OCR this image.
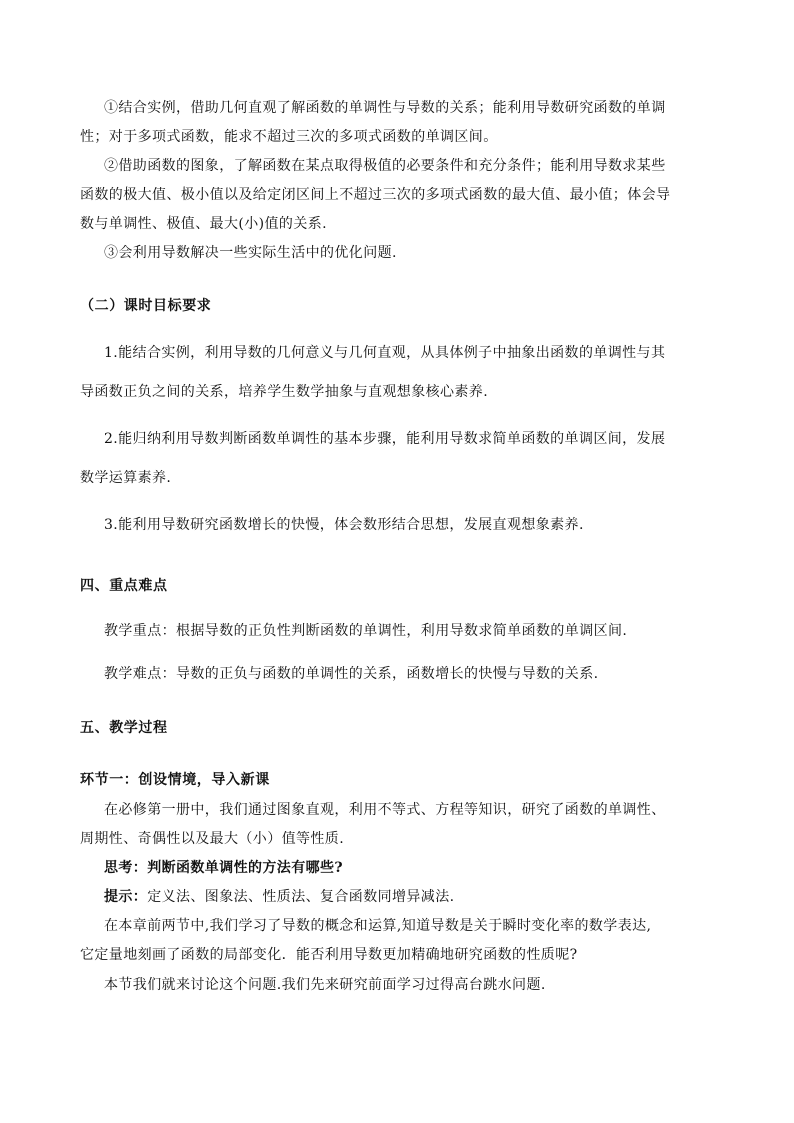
①结合实例，借助几何直观了解函数的单调性与导数的关系；能利用导数研究函数的单调
性；对于多项式函数，能求不超过三次的多项式函数的单调区间。
②借助函数的图象，了解函数在某点取得极值的必要条件和充分条件；能利用导数求某些
函数的极大值、极小值以及给定闭区间上不超过三次的多项式函数的最大值、最小值；体会导
数与单调性、极值、最大(小)值的关系.
③会利用导数解决一些实际生活中的优化问题.
（二）课时目标要求
1.能结合实例，利用导数的几何意义与几何直观，从具体例子中抽象出函数的单调性与其
导函数正负之间的关系，培养学生数学抽象与直观想象核心素养.
2.能归纳利用导数判断函数单调性的基本步骤，能利用导数求简单函数的单调区间，发展
数学运算素养.
3.能利用导数研究函数增长的快慢，体会数形结合思想，发展直观想象素养.
四、重点难点
教学重点：根据导数的正负性判断函数的单调性，利用导数求简单函数的单调区间.
教学难点：导数的正负与函数的单调性的关系，函数增长的快慢与导数的关系.
五、教学过程
环节一：创设情境，导入新课
在必修第一册中，我们通过图象直观，利用不等式、方程等知识，研究了函数的单调性、
周期性、奇偶性以及最大（小）值等性质.
思考：判断函数单调性的方法有哪些?
提示：定义法、图象法、性质法、复合函数同增异减法.
在本章前两节中,我们学习了导数的概念和运算,知道导数是关于瞬时变化率的数学表达,
它定量地刻画了函数的局部变化．能否利用导数更加精确地研究函数的性质呢?
本节我们就来讨论这个问题.我们先来研究前面学习过得高台跳水问题.
